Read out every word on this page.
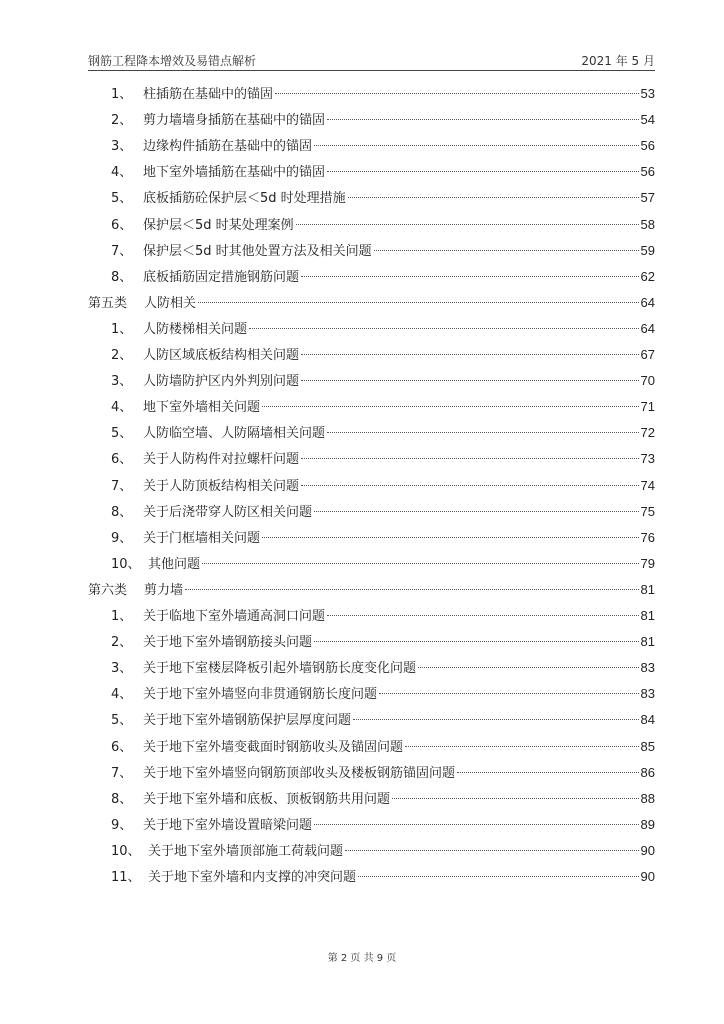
钢筋工程降本增效及易错点解析	2021 年 5 月
1、 柱插筋在基础中的锚固	53
2、 剪力墙墙身插筋在基础中的锚固	54
3、 边缘构件插筋在基础中的锚固	56
4、 地下室外墙插筋在基础中的锚固	56
5、 底板插筋砼保护层＜5d 时处理措施	57
6、 保护层＜5d 时某处理案例	58
7、 保护层＜5d 时其他处置方法及相关问题	59
8、 底板插筋固定措施钢筋问题	62
第五类	人防相关	64
1、 人防楼梯相关问题	64
2、 人防区域底板结构相关问题	67
3、 人防墙防护区内外判别问题	70
4、 地下室外墙相关问题	71
5、 人防临空墙、人防隔墙相关问题	72
6、 关于人防构件对拉螺杆问题	73
7、 关于人防顶板结构相关问题	74
8、 关于后浇带穿人防区相关问题	75
9、 关于门框墙相关问题	76
10、 其他问题	79
第六类	剪力墙	81
1、 关于临地下室外墙通高洞口问题	81
2、 关于地下室外墙钢筋接头问题	81
3、 关于地下室楼层降板引起外墙钢筋长度变化问题	83
4、 关于地下室外墙竖向非贯通钢筋长度问题	83
5、 关于地下室外墙钢筋保护层厚度问题	84
6、 关于地下室外墙变截面时钢筋收头及锚固问题	85
7、 关于地下室外墙竖向钢筋顶部收头及楼板钢筋锚固问题	86
8、 关于地下室外墙和底板、顶板钢筋共用问题	88
9、 关于地下室外墙设置暗梁问题	89
10、 关于地下室外墙顶部施工荷载问题	90
11、 关于地下室外墙和内支撑的冲突问题	90
第 2 页 共 9 页
